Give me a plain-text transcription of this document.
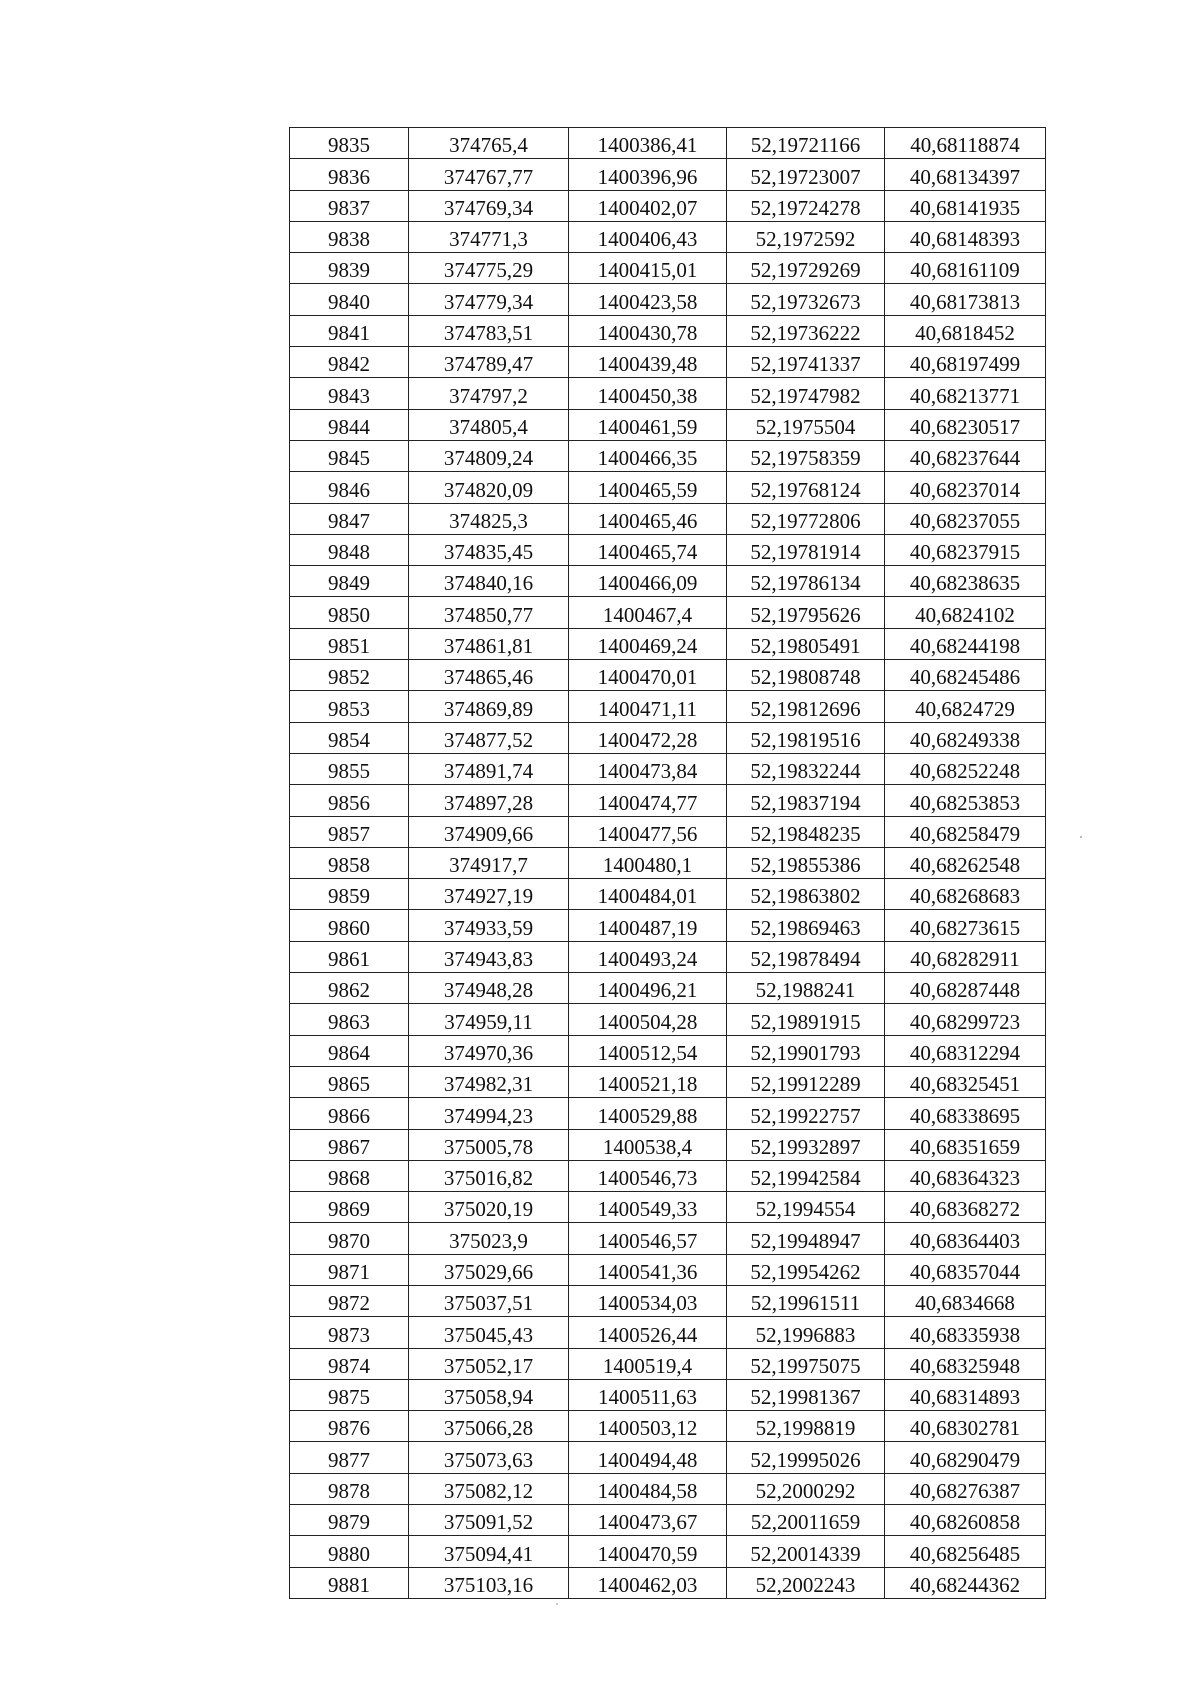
9835	374765,4	1400386,41	52,19721166	40,68118874
9836	374767,77	1400396,96	52,19723007	40,68134397
9837	374769,34	1400402,07	52,19724278	40,68141935
9838	374771,3	1400406,43	52,1972592	40,68148393
9839	374775,29	1400415,01	52,19729269	40,68161109
9840	374779,34	1400423,58	52,19732673	40,68173813
9841	374783,51	1400430,78	52,19736222	40,6818452
9842	374789,47	1400439,48	52,19741337	40,68197499
9843	374797,2	1400450,38	52,19747982	40,68213771
9844	374805,4	1400461,59	52,1975504	40,68230517
9845	374809,24	1400466,35	52,19758359	40,68237644
9846	374820,09	1400465,59	52,19768124	40,68237014
9847	374825,3	1400465,46	52,19772806	40,68237055
9848	374835,45	1400465,74	52,19781914	40,68237915
9849	374840,16	1400466,09	52,19786134	40,68238635
9850	374850,77	1400467,4	52,19795626	40,6824102
9851	374861,81	1400469,24	52,19805491	40,68244198
9852	374865,46	1400470,01	52,19808748	40,68245486
9853	374869,89	1400471,11	52,19812696	40,6824729
9854	374877,52	1400472,28	52,19819516	40,68249338
9855	374891,74	1400473,84	52,19832244	40,68252248
9856	374897,28	1400474,77	52,19837194	40,68253853
9857	374909,66	1400477,56	52,19848235	40,68258479
9858	374917,7	1400480,1	52,19855386	40,68262548
9859	374927,19	1400484,01	52,19863802	40,68268683
9860	374933,59	1400487,19	52,19869463	40,68273615
9861	374943,83	1400493,24	52,19878494	40,68282911
9862	374948,28	1400496,21	52,1988241	40,68287448
9863	374959,11	1400504,28	52,19891915	40,68299723
9864	374970,36	1400512,54	52,19901793	40,68312294
9865	374982,31	1400521,18	52,19912289	40,68325451
9866	374994,23	1400529,88	52,19922757	40,68338695
9867	375005,78	1400538,4	52,19932897	40,68351659
9868	375016,82	1400546,73	52,19942584	40,68364323
9869	375020,19	1400549,33	52,1994554	40,68368272
9870	375023,9	1400546,57	52,19948947	40,68364403
9871	375029,66	1400541,36	52,19954262	40,68357044
9872	375037,51	1400534,03	52,19961511	40,6834668
9873	375045,43	1400526,44	52,1996883	40,68335938
9874	375052,17	1400519,4	52,19975075	40,68325948
9875	375058,94	1400511,63	52,19981367	40,68314893
9876	375066,28	1400503,12	52,1998819	40,68302781
9877	375073,63	1400494,48	52,19995026	40,68290479
9878	375082,12	1400484,58	52,2000292	40,68276387
9879	375091,52	1400473,67	52,20011659	40,68260858
9880	375094,41	1400470,59	52,20014339	40,68256485
9881	375103,16	1400462,03	52,2002243	40,68244362
